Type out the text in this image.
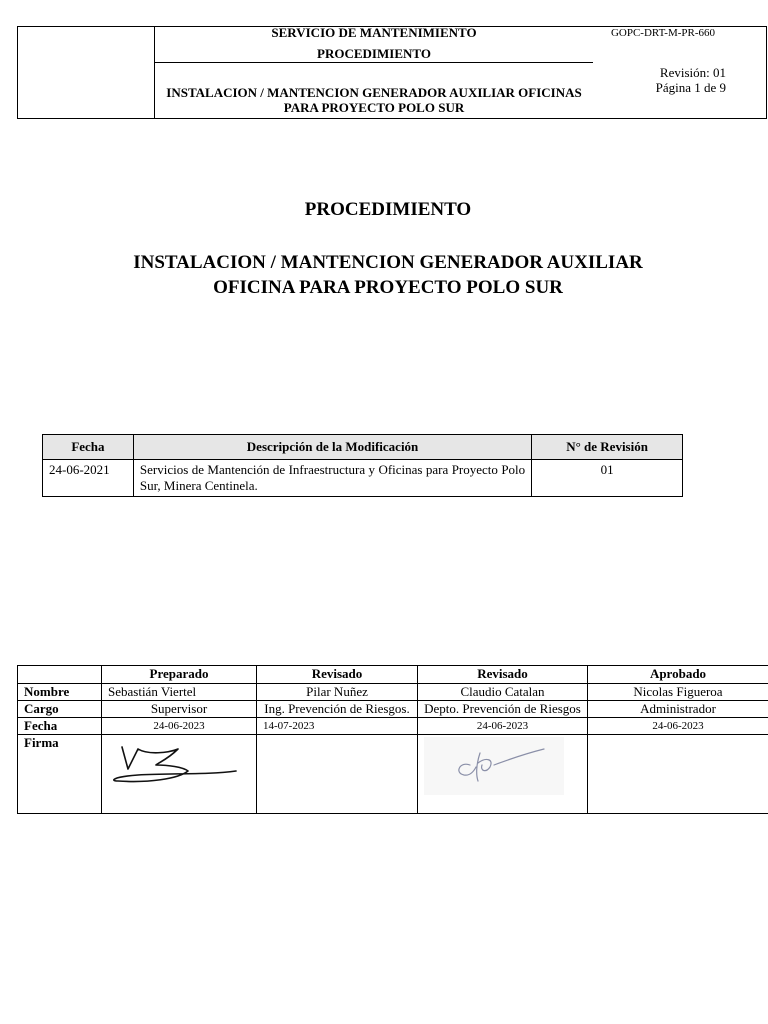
SERVICIO DE MANTENIMIENTO
PROCEDIMIENTO
INSTALACION / MANTENCION GENERADOR AUXILIAR OFICINAS PARA PROYECTO POLO SUR
GOPC-DRT-M-PR-660
Revisión: 01
Página 1 de 9
PROCEDIMIENTO
INSTALACION / MANTENCION GENERADOR AUXILIAR
OFICINA PARA PROYECTO POLO SUR
Fecha	Descripción de la Modificación	N° de Revisión
24-06-2021	Servicios de Mantención de Infraestructura y Oficinas para Proyecto Polo Sur, Minera Centinela.	01
	Preparado	Revisado	Revisado	Aprobado
Nombre	Sebastián Viertel	Pilar Nuñez	Claudio Catalan	Nicolas Figueroa
Cargo	Supervisor	Ing. Prevención de Riesgos.	Depto. Prevención de Riesgos	Administrador
Fecha	24-06-2023	14-07-2023	24-06-2023	24-06-2023
Firma				
